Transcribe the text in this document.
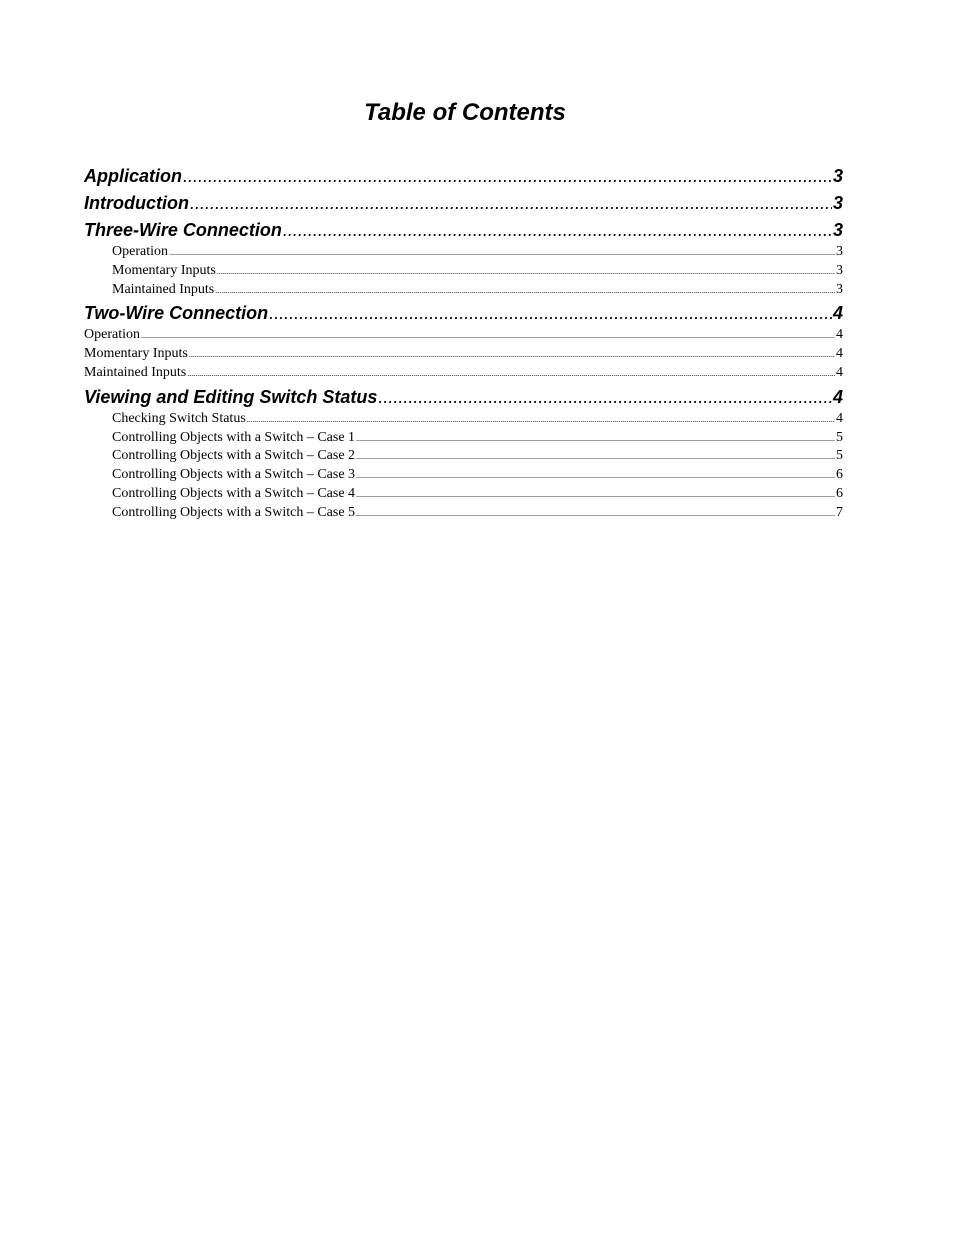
Table of Contents
Application .....	3
Introduction .....	3
Three-Wire Connection .....	3
Operation .....	3
Momentary Inputs .....	3
Maintained Inputs .....	3
Two-Wire Connection .....	4
Operation .....	4
Momentary Inputs .....	4
Maintained Inputs .....	4
Viewing and Editing Switch Status .....	4
Checking Switch Status .....	4
Controlling Objects with a Switch – Case 1 .....	5
Controlling Objects with a Switch – Case 2 .....	5
Controlling Objects with a Switch – Case 3 .....	6
Controlling Objects with a Switch – Case 4 .....	6
Controlling Objects with a Switch – Case 5 .....	7
